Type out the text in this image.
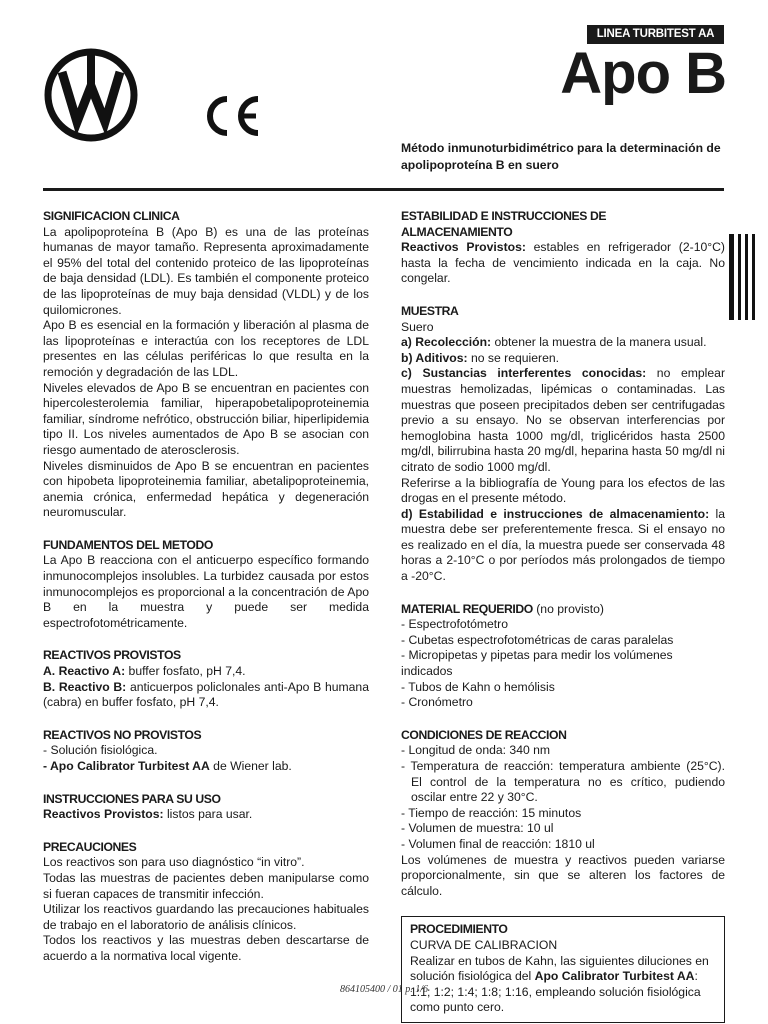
LINEA TURBITEST AA
Apo B
Método inmunoturbidimétrico para la determinación de apolipoproteína B en suero
SIGNIFICACION CLINICA

La apolipoproteína B (Apo B) es una de las proteínas humanas de mayor tamaño. Representa aproximadamente el 95% del total del contenido proteico de las lipoproteínas de baja densidad (LDL). Es también el componente proteico de las lipoproteínas de muy baja densidad (VLDL) y de los quilomicrones.

Apo B es esencial en la formación y liberación al plasma de las lipoproteínas e interactúa con los receptores de LDL presentes en las células periféricas lo que resulta en la remoción y degradación de las LDL.

Niveles elevados de Apo B se encuentran en pacientes con hipercolesterolemia familiar, hiperapobetalipoproteinemia familiar, síndrome nefrótico, obstrucción biliar, hiperlipidemia tipo II. Los niveles aumentados de Apo B se asocian con riesgo aumentado de aterosclerosis.

Niveles disminuidos de Apo B se encuentran en pacientes con hipobeta lipoproteinemia familiar, abetalipoproteinemia, anemia crónica, enfermedad hepática y degeneración neuromuscular.

FUNDAMENTOS DEL METODO

La Apo B reacciona con el anticuerpo específico formando inmunocomplejos insolubles. La turbidez causada por estos inmunocomplejos es proporcional a la concentración de Apo B en la muestra y puede ser medida espectrofotométricamente.

REACTIVOS PROVISTOS

A. Reactivo A: buffer fosfato, pH 7,4.

B. Reactivo B: anticuerpos policlonales anti-Apo B humana (cabra) en buffer fosfato, pH 7,4.

REACTIVOS NO PROVISTOS

- Solución fisiológica.

- Apo Calibrator Turbitest AA de Wiener lab.

INSTRUCCIONES PARA SU USO

Reactivos Provistos: listos para usar.

PRECAUCIONES

Los reactivos son para uso diagnóstico “in vitro”.

Todas las muestras de pacientes deben manipularse como si fueran capaces de transmitir infección.

Utilizar los reactivos guardando las precauciones habituales de trabajo en el laboratorio de análisis clínicos.

Todos los reactivos y las muestras deben descartarse de acuerdo a la normativa local vigente.

ESTABILIDAD E INSTRUCCIONES DE
ALMACENAMIENTO

Reactivos Provistos: estables en refrigerador (2-10°C) hasta la fecha de vencimiento indicada en la caja. No congelar.

MUESTRA

Suero

a) Recolección: obtener la muestra de la manera usual.

b) Aditivos: no se requieren.

c) Sustancias interferentes conocidas: no emplear muestras hemolizadas, lipémicas o contaminadas. Las muestras que poseen precipitados deben ser centrifugadas previo a su ensayo. No se observan interferencias por hemoglobina hasta 1000 mg/dl, triglicéridos hasta 2500 mg/dl, bilirrubina hasta 20 mg/dl, heparina hasta 50 mg/dl ni citrato de sodio 1000 mg/dl.

Referirse a la bibliografía de Young para los efectos de las drogas en el presente método.

d) Estabilidad e instrucciones de almacenamiento: la muestra debe ser preferentemente fresca. Si el ensayo no es realizado en el día, la muestra puede ser conservada 48 horas a 2-10°C o por períodos más prolongados de tiempo a -20°C.

MATERIAL REQUERIDO (no provisto)

- Espectrofotómetro

- Cubetas espectrofotométricas de caras paralelas

- Micropipetas y pipetas para medir los volúmenes indicados

- Tubos de Kahn o hemólisis

- Cronómetro

CONDICIONES DE REACCION

- Longitud de onda: 340 nm

- Temperatura de reacción: temperatura ambiente (25°C). El control de la temperatura no es crítico, pudiendo oscilar entre 22 y 30°C.

- Tiempo de reacción: 15 minutos

- Volumen de muestra: 10 ul

- Volumen final de reacción: 1810 ul

Los volúmenes de muestra y reactivos pueden variarse proporcionalmente, sin que se alteren los factores de cálculo.

PROCEDIMIENTO
CURVA DE CALIBRACION

Realizar en tubos de Kahn, las siguientes diluciones en solución fisiológica del Apo Calibrator Turbitest AA: 1:1; 1:2; 1:4; 1:8; 1:16, empleando solución fisiológica como punto cero.

864105400 / 01 p. 1/6
